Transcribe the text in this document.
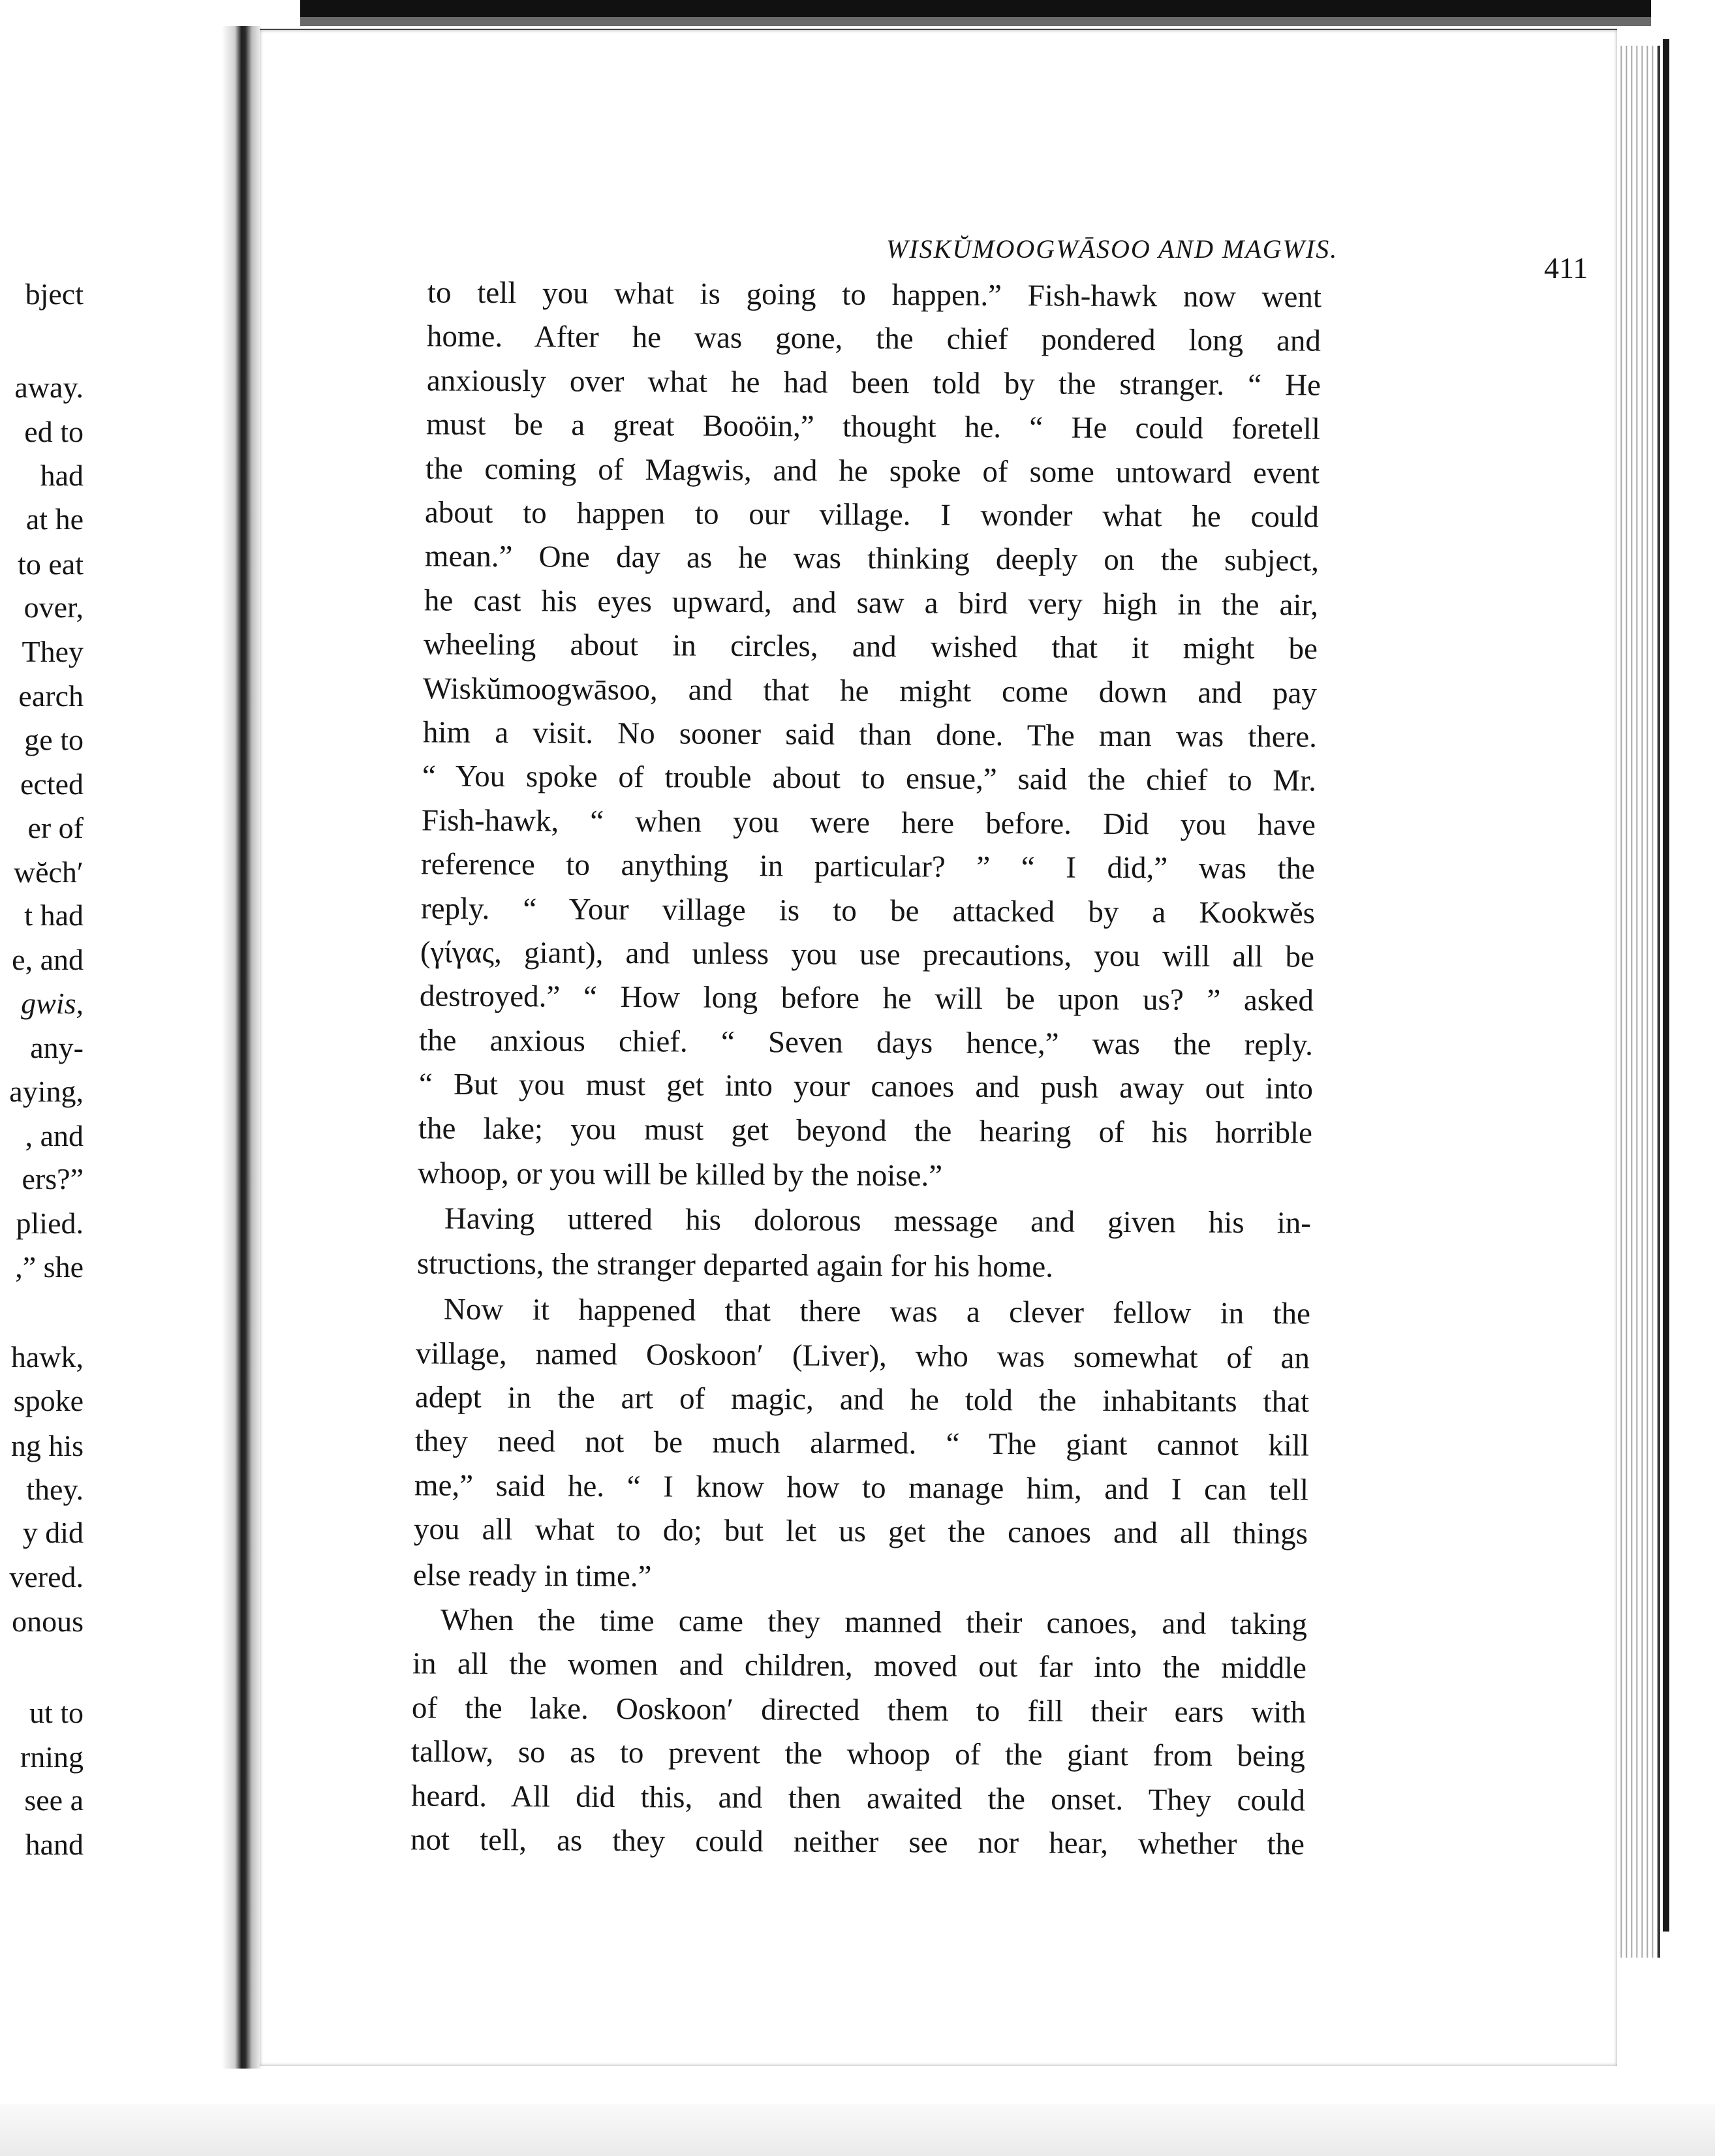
bject
away.
ed to
had
at he
to eat
over,
They
earch
ge to
ected
er of
wĕch′
t had
e, and
gwis,
any-
aying,
, and
ers?”
plied.
,” she
hawk,
spoke
ng his
they.
y did
vered.
onous
ut to
rning
see a
hand
WISKŬMOOGWĀSOO AND MAGWIS.
411
to tell you what is going to happen.” Fish-hawk now went
home. After he was gone, the chief pondered long and
anxiously over what he had been told by the stranger. “ He
must be a great Booöin,” thought he. “ He could foretell
the coming of Magwis, and he spoke of some untoward event
about to happen to our village. I wonder what he could
mean.” One day as he was thinking deeply on the subject,
he cast his eyes upward, and saw a bird very high in the air,
wheeling about in circles, and wished that it might be
Wiskŭmoogwāsoo, and that he might come down and pay
him a visit. No sooner said than done. The man was there.
“ You spoke of trouble about to ensue,” said the chief to Mr.
Fish-hawk, “ when you were here before. Did you have
reference to anything in particular? ” “ I did,” was the
reply. “ Your village is to be attacked by a Kookwĕs
(γίγας, giant), and unless you use precautions, you will all be
destroyed.” “ How long before he will be upon us? ” asked
the anxious chief. “ Seven days hence,” was the reply.
“ But you must get into your canoes and push away out into
the lake; you must get beyond the hearing of his horrible
whoop, or you will be killed by the noise.”
Having uttered his dolorous message and given his in-
structions, the stranger departed again for his home.
Now it happened that there was a clever fellow in the
village, named Ooskoon′ (Liver), who was somewhat of an
adept in the art of magic, and he told the inhabitants that
they need not be much alarmed. “ The giant cannot kill
me,” said he. “ I know how to manage him, and I can tell
you all what to do; but let us get the canoes and all things
else ready in time.”
When the time came they manned their canoes, and taking
in all the women and children, moved out far into the middle
of the lake. Ooskoon′ directed them to fill their ears with
tallow, so as to prevent the whoop of the giant from being
heard. All did this, and then awaited the onset. They could
not tell, as they could neither see nor hear, whether the
